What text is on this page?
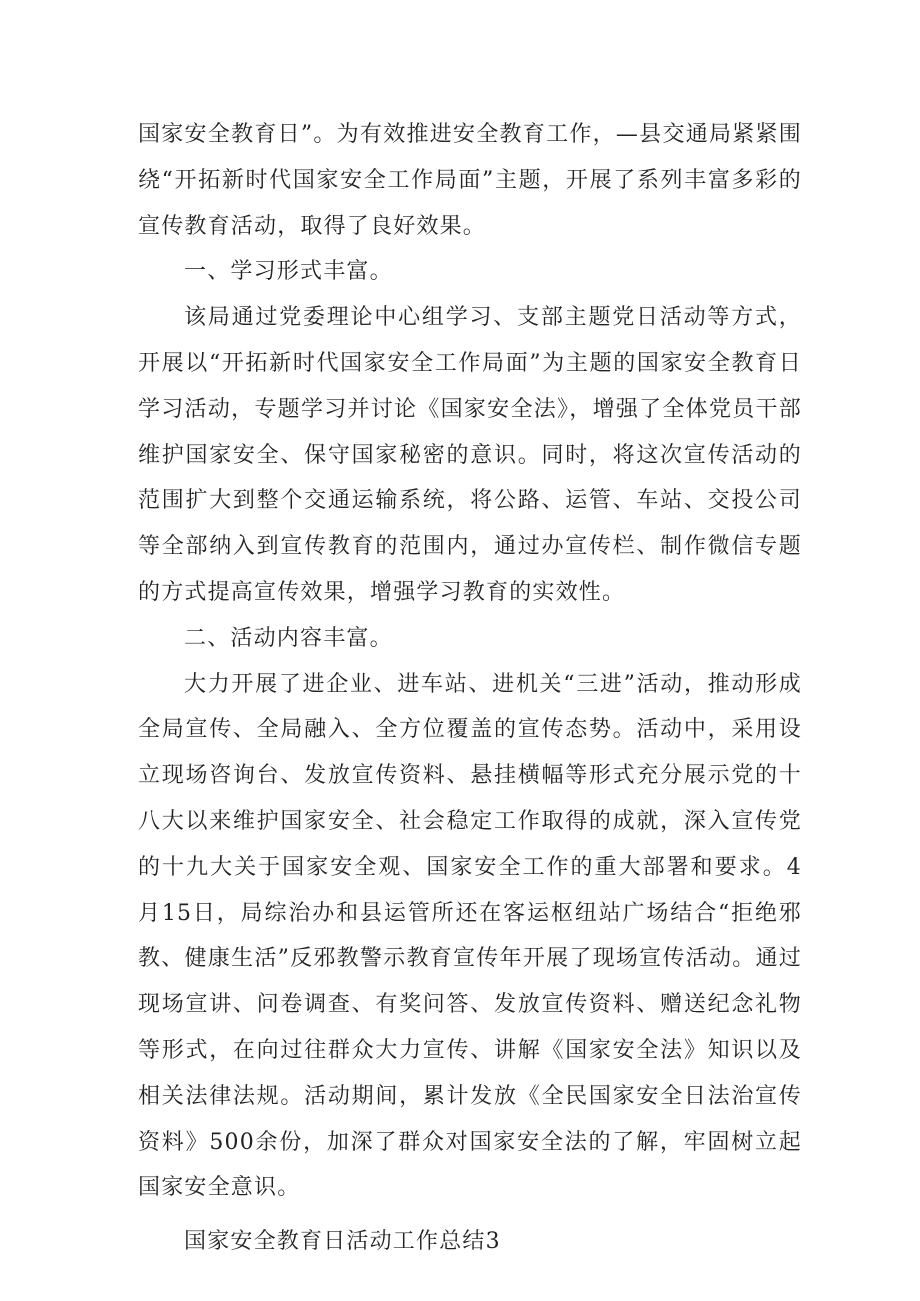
国家安全教育日”。为有效推进安全教育工作，—县交通局紧紧围绕“开拓新时代国家安全工作局面”主题，开展了系列丰富多彩的宣传教育活动，取得了良好效果。

一、学习形式丰富。

该局通过党委理论中心组学习、支部主题党日活动等方式，开展以“开拓新时代国家安全工作局面”为主题的国家安全教育日学习活动，专题学习并讨论《国家安全法》，增强了全体党员干部维护国家安全、保守国家秘密的意识。同时，将这次宣传活动的范围扩大到整个交通运输系统，将公路、运管、车站、交投公司等全部纳入到宣传教育的范围内，通过办宣传栏、制作微信专题的方式提高宣传效果，增强学习教育的实效性。

二、活动内容丰富。

大力开展了进企业、进车站、进机关“三进”活动，推动形成全局宣传、全局融入、全方位覆盖的宣传态势。活动中，采用设立现场咨询台、发放宣传资料、悬挂横幅等形式充分展示党的十八大以来维护国家安全、社会稳定工作取得的成就，深入宣传党的十九大关于国家安全观、国家安全工作的重大部署和要求。4月15日，局综治办和县运管所还在客运枢纽站广场结合“拒绝邪教、健康生活”反邪教警示教育宣传年开展了现场宣传活动。通过现场宣讲、问卷调查、有奖问答、发放宣传资料、赠送纪念礼物等形式，在向过往群众大力宣传、讲解《国家安全法》知识以及相关法律法规。活动期间，累计发放《全民国家安全日法治宣传资料》500余份，加深了群众对国家安全法的了解，牢固树立起国家安全意识。

国家安全教育日活动工作总结3
